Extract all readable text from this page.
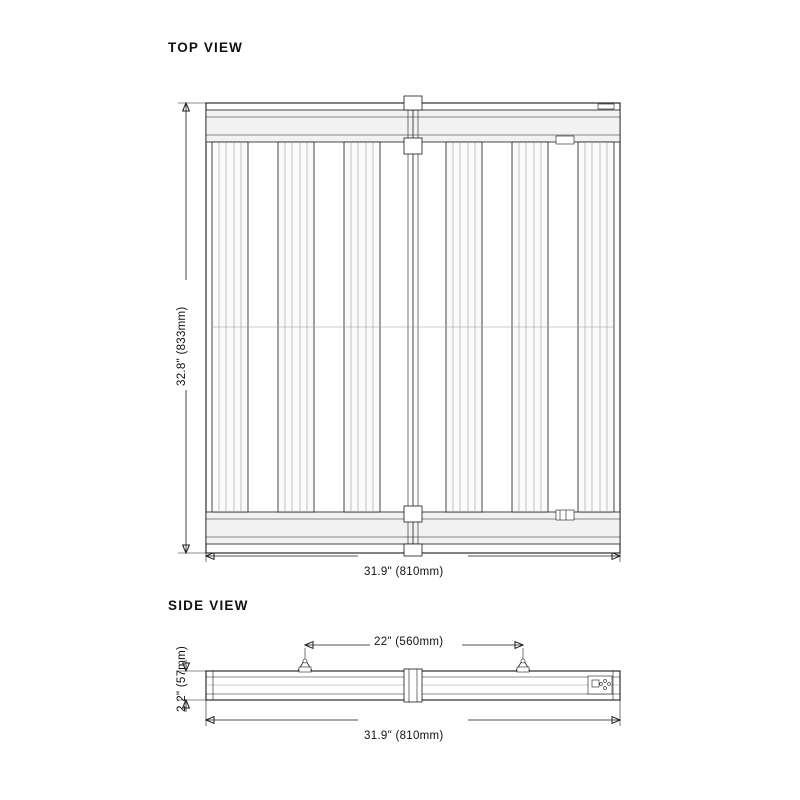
TOP VIEW
SIDE VIEW
32.8" (833mm)
31.9" (810mm)
22" (560mm)
2.2" (57mm)
31.9" (810mm)
